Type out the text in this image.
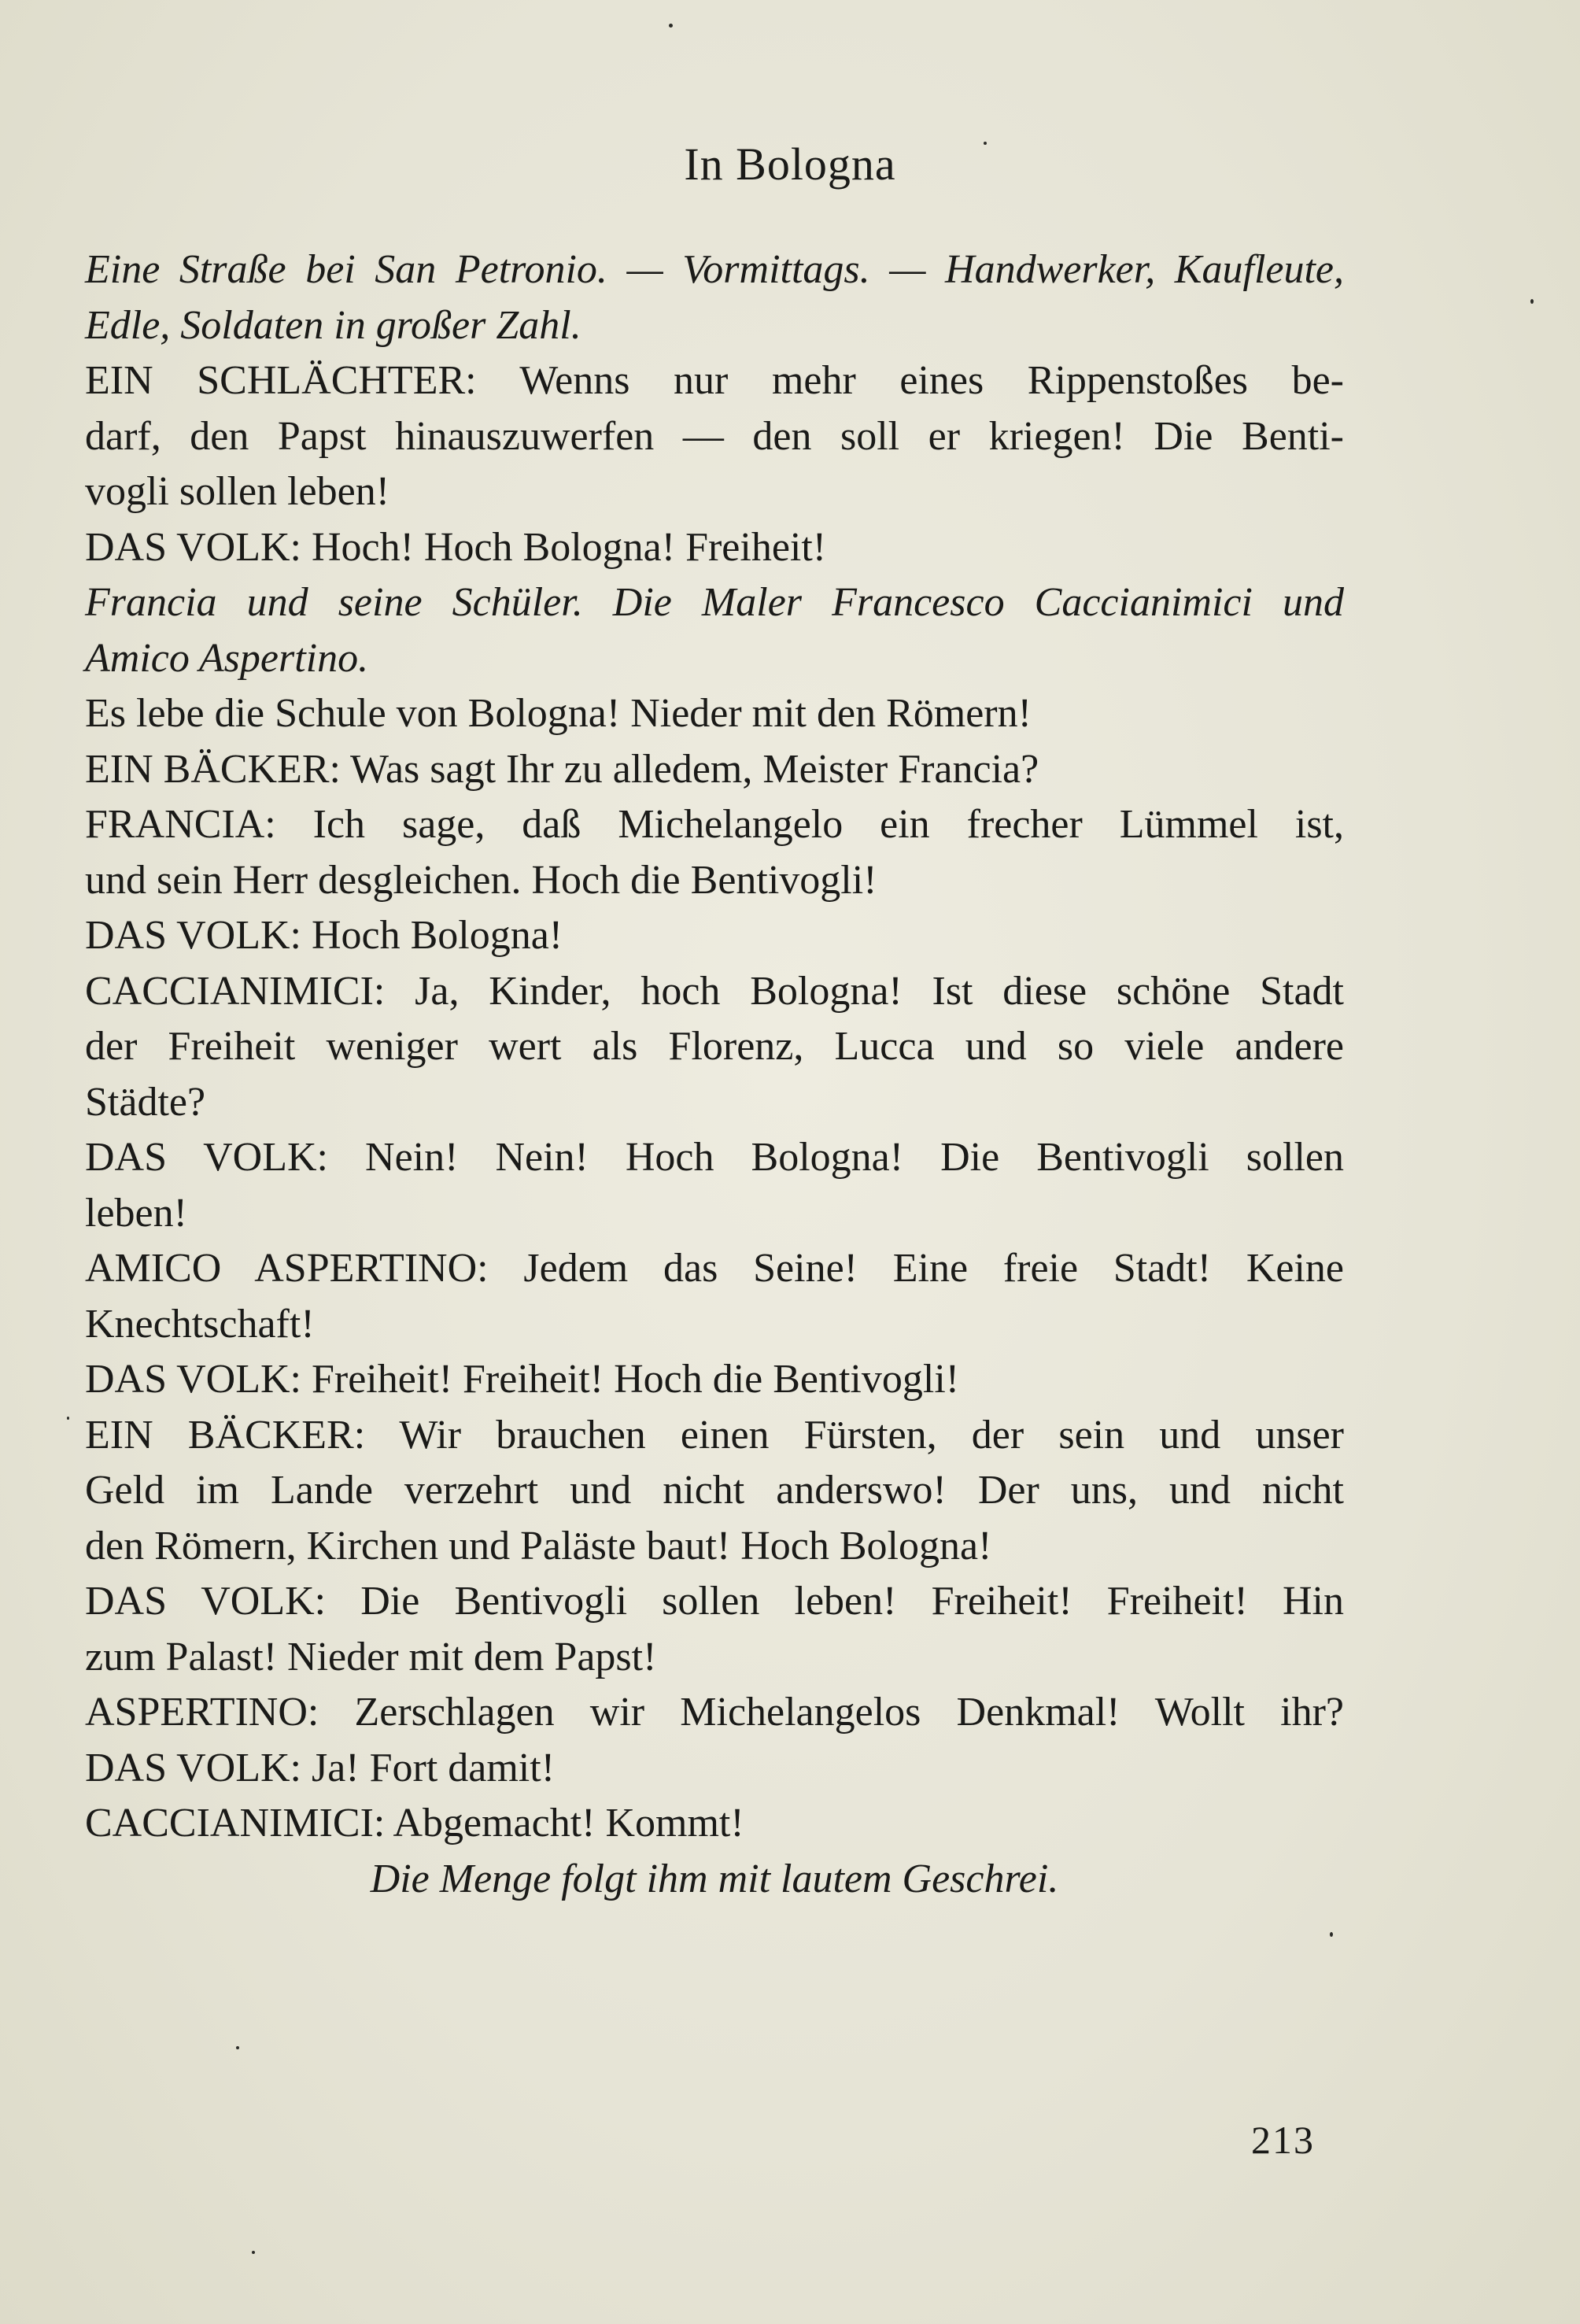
In Bologna
Eine Straße bei San Petronio. — Vormittags. — Handwerker, Kaufleute,
Edle, Soldaten in großer Zahl.
EIN SCHLÄCHTER: Wenns nur mehr eines Rippenstoßes be-
darf, den Papst hinauszuwerfen — den soll er kriegen! Die Benti-
vogli sollen leben!
DAS VOLK: Hoch! Hoch Bologna! Freiheit!
Francia und seine Schüler. Die Maler Francesco Caccianimici und
Amico Aspertino.
Es lebe die Schule von Bologna! Nieder mit den Römern!
EIN BÄCKER: Was sagt Ihr zu alledem, Meister Francia?
FRANCIA: Ich sage, daß Michelangelo ein frecher Lümmel ist,
und sein Herr desgleichen. Hoch die Bentivogli!
DAS VOLK: Hoch Bologna!
CACCIANIMICI: Ja, Kinder, hoch Bologna! Ist diese schöne Stadt
der Freiheit weniger wert als Florenz, Lucca und so viele andere
Städte?
DAS VOLK: Nein! Nein! Hoch Bologna! Die Bentivogli sollen
leben!
AMICO ASPERTINO: Jedem das Seine! Eine freie Stadt! Keine
Knechtschaft!
DAS VOLK: Freiheit! Freiheit! Hoch die Bentivogli!
EIN BÄCKER: Wir brauchen einen Fürsten, der sein und unser
Geld im Lande verzehrt und nicht anderswo! Der uns, und nicht
den Römern, Kirchen und Paläste baut! Hoch Bologna!
DAS VOLK: Die Bentivogli sollen leben! Freiheit! Freiheit! Hin
zum Palast! Nieder mit dem Papst!
ASPERTINO: Zerschlagen wir Michelangelos Denkmal! Wollt ihr?
DAS VOLK: Ja! Fort damit!
CACCIANIMICI: Abgemacht! Kommt!
Die Menge folgt ihm mit lautem Geschrei.
213
